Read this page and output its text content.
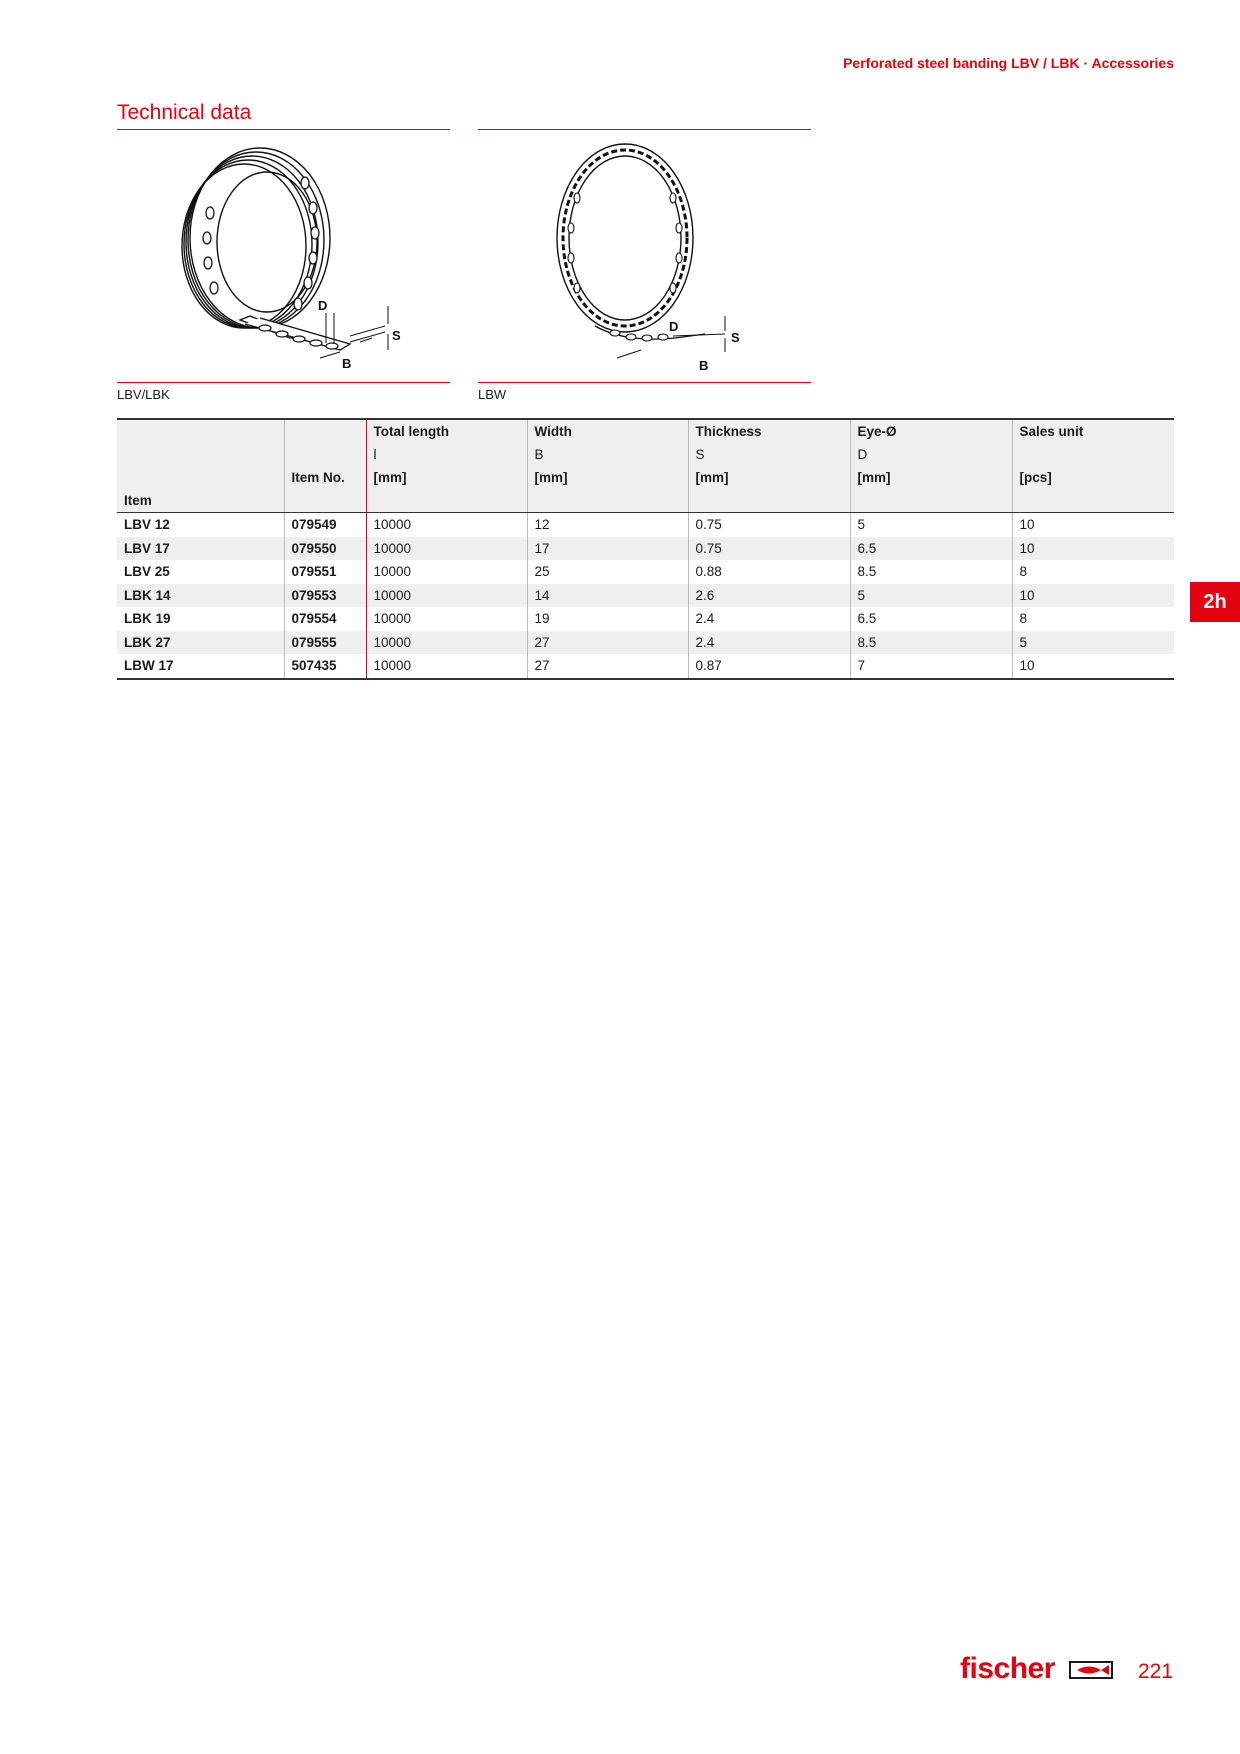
Perforated steel banding LBV / LBK · Accessories
Technical data
D
S
B
LBV/LBK
D
S
B
LBW
		Total length	Width	Thickness	Eye-Ø	Sales unit
		l	B	S	D	
	Item No.	[mm]	[mm]	[mm]	[mm]	[pcs]
Item						
LBV 12	079549	10000	12	0.75	5	10
LBV 17	079550	10000	17	0.75	6.5	10
LBV 25	079551	10000	25	0.88	8.5	8
LBK 14	079553	10000	14	2.6	5	10
LBK 19	079554	10000	19	2.4	6.5	8
LBK 27	079555	10000	27	2.4	8.5	5
LBW 17	507435	10000	27	0.87	7	10
2h
fischer	221
